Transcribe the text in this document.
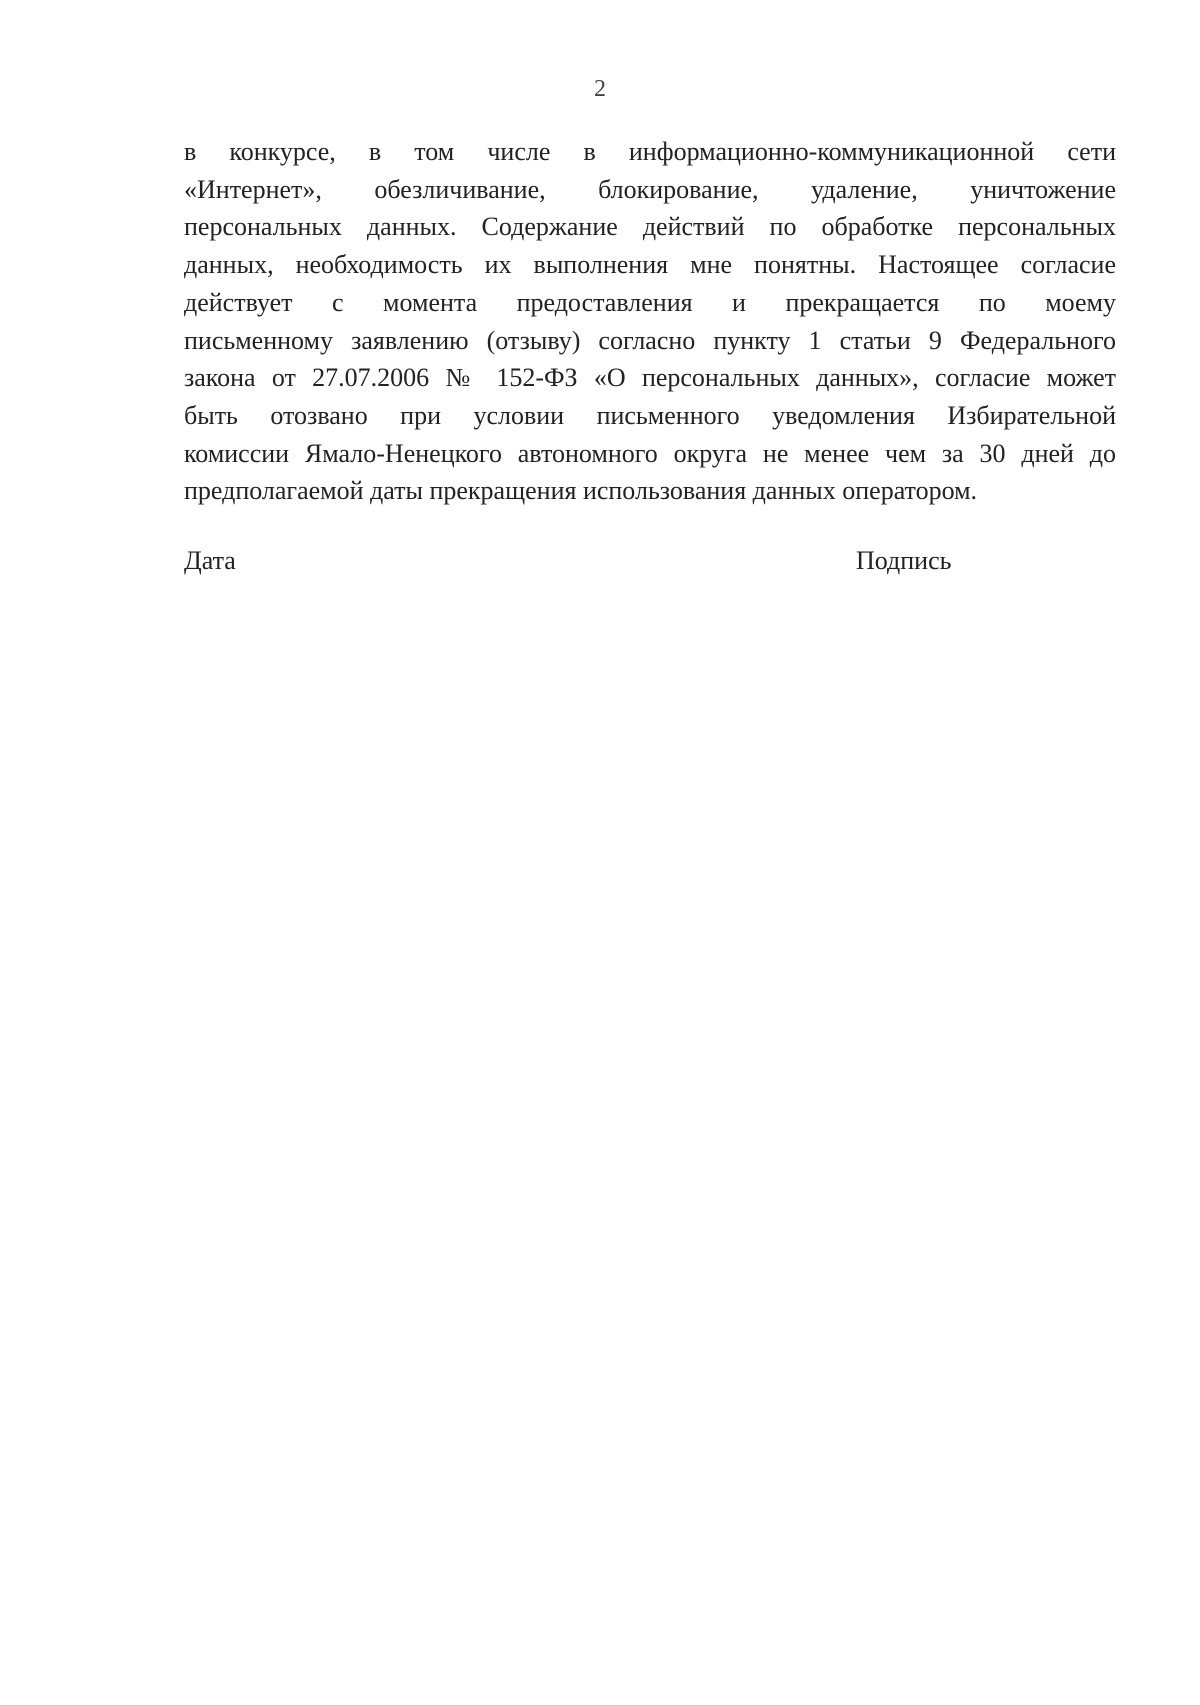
2
в конкурсе, в том числе в информационно-коммуникационной сети
«Интернет», обезличивание, блокирование, удаление, уничтожение
персональных данных. Содержание действий по обработке персональных
данных, необходимость их выполнения мне понятны. Настоящее согласие
действует с момента предоставления и прекращается по моему
письменному заявлению (отзыву) согласно пункту 1 статьи 9 Федерального
закона от 27.07.2006 № 152-ФЗ «О персональных данных», согласие может
быть отозвано при условии письменного уведомления Избирательной
комиссии Ямало-Ненецкого автономного округа не менее чем за 30 дней до
предполагаемой даты прекращения использования данных оператором.
Дата	Подпись
